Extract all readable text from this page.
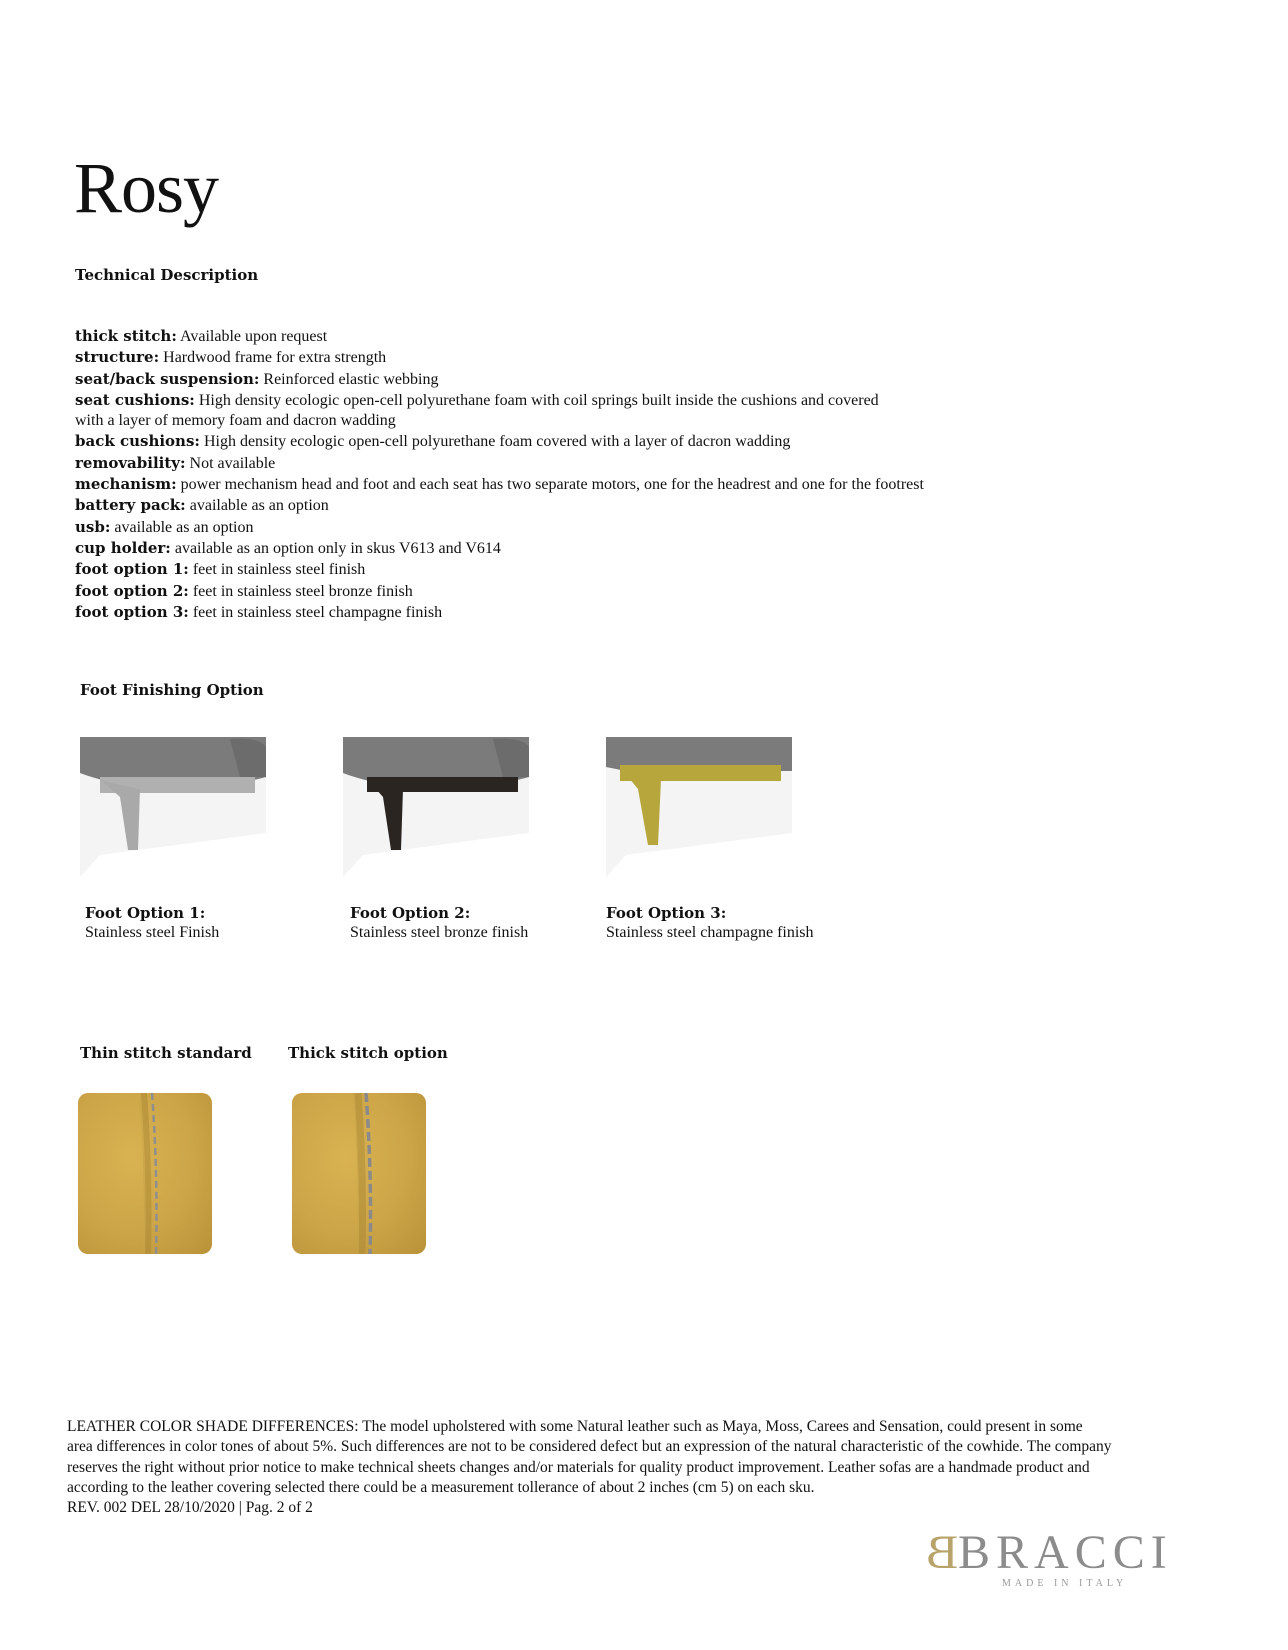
Rosy
Technical Description
thick stitch: Available upon request
structure: Hardwood frame for extra strength
seat/back suspension: Reinforced elastic webbing
seat cushions: High density ecologic open-cell polyurethane foam with coil springs built inside the cushions and covered
with a layer of memory foam and dacron wadding
back cushions: High density ecologic open-cell polyurethane foam covered with a layer of dacron wadding
removability: Not available
mechanism: power mechanism head and foot and each seat has two separate motors, one for the headrest and one for the footrest
battery pack: available as an option
usb: available as an option
cup holder: available as an option only in skus V613 and V614
foot option 1: feet in stainless steel finish
foot option 2: feet in stainless steel bronze finish
foot option 3: feet in stainless steel champagne finish
Foot Finishing Option
Foot Option 1:
Stainless steel Finish
Foot Option 2:
Stainless steel bronze finish
Foot Option 3:
Stainless steel champagne finish
Thin stitch standard Thick stitch option

LEATHER COLOR SHADE DIFFERENCES: The model upholstered with some Natural leather such as Maya, Moss, Carees and Sensation, could present in some

area differences in color tones of about 5%. Such differences are not to be considered defect but an expression of the natural characteristic of the cowhide. The company

reserves the right without prior notice to make technical sheets changes and/or materials for quality product improvement. Leather sofas are a handmade product and

according to the leather covering selected there could be a measurement tollerance of about 2 inches (cm 5) on each sku.

REV. 002 DEL 28/10/2020 | Pag. 2 of 2

B BRACCI
MADE IN ITALY
